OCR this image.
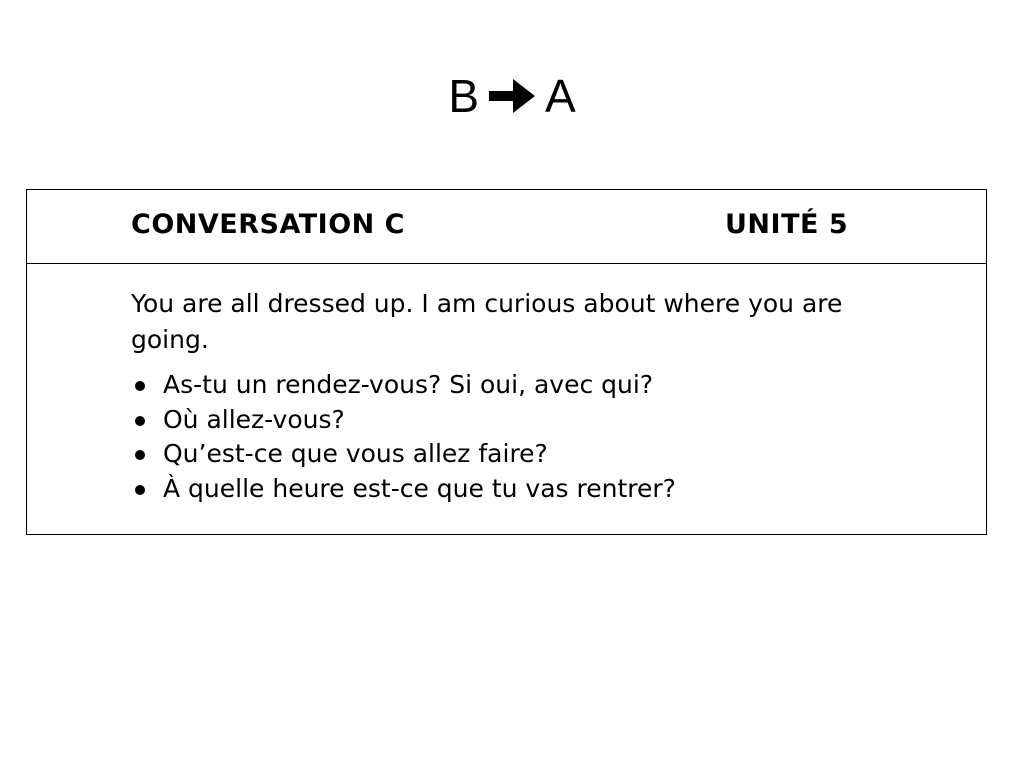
B A
CONVERSATION C	UNITÉ 5

You are all dressed up. I am curious about where you are going.

As-tu un rendez-vous? Si oui, avec qui?
Où allez-vous?
Qu’est-ce que vous allez faire?
À quelle heure est-ce que tu vas rentrer?
